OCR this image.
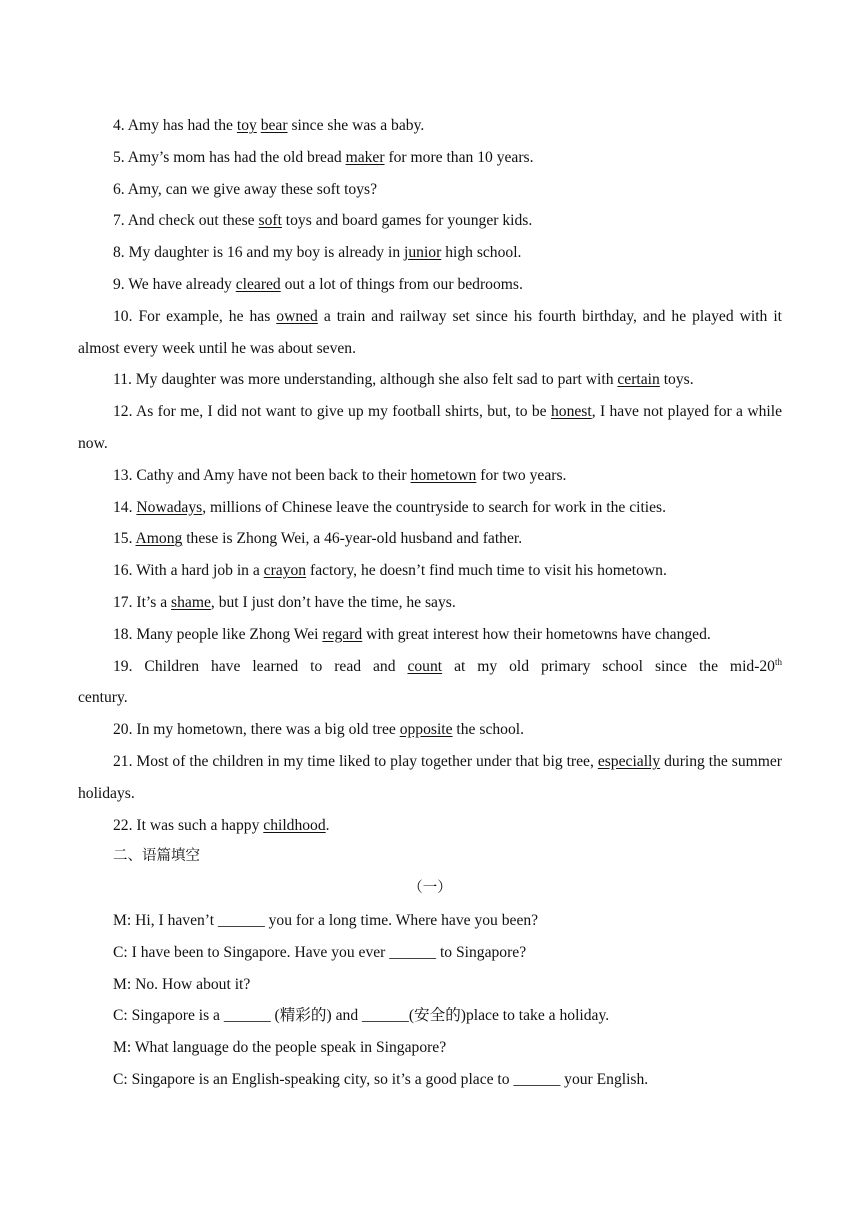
4. Amy has had the toy bear since she was a baby.

5. Amy’s mom has had the old bread maker for more than 10 years.

6. Amy, can we give away these soft toys?

7. And check out these soft toys and board games for younger kids.

8. My daughter is 16 and my boy is already in junior high school.

9. We have already cleared out a lot of things from our bedrooms.

10. For example, he has owned a train and railway set since his fourth birthday, and he played with it almost every week until he was about seven.

11. My daughter was more understanding, although she also felt sad to part with certain toys.

12. As for me, I did not want to give up my football shirts, but, to be honest, I have not played for a while now.

13. Cathy and Amy have not been back to their hometown for two years.

14. Nowadays, millions of Chinese leave the countryside to search for work in the cities.

15. Among these is Zhong Wei, a 46-year-old husband and father.

16. With a hard job in a crayon factory, he doesn’t find much time to visit his hometown.

17. It’s a shame, but I just don’t have the time, he says.

18. Many people like Zhong Wei regard with great interest how their hometowns have changed.

19. Children have learned to read and count at my old primary school since the mid-20th century.

20. In my hometown, there was a big old tree opposite the school.

21. Most of the children in my time liked to play together under that big tree, especially during the summer holidays.

22. It was such a happy childhood.

二、语篇填空

（一）

M: Hi, I haven’t ______ you for a long time. Where have you been?

C: I have been to Singapore. Have you ever ______ to Singapore?

M: No. How about it?

C: Singapore is a ______ (精彩的) and ______(安全的)place to take a holiday.

M: What language do the people speak in Singapore?

C: Singapore is an English-speaking city, so it’s a good place to ______ your English.
